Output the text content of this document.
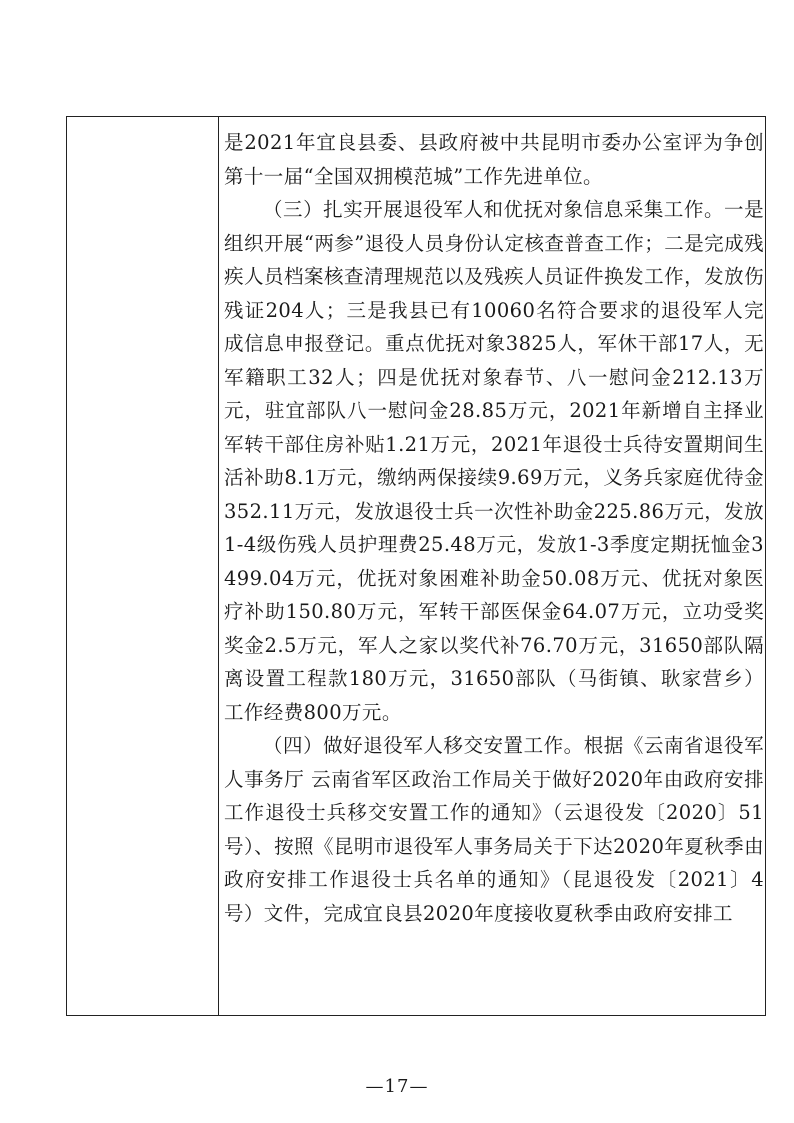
是2021年宜良县委、县政府被中共昆明市委办公室评为争创第十一届“全国双拥模范城”工作先进单位。

（三）扎实开展退役军人和优抚对象信息采集工作。一是组织开展“两参”退役人员身份认定核查普查工作；二是完成残疾人员档案核查清理规范以及残疾人员证件换发工作，发放伤残证204人；三是我县已有10060名符合要求的退役军人完成信息申报登记。重点优抚对象3825人，军休干部17人，无军籍职工32人；四是优抚对象春节、八一慰问金212.13万元，驻宜部队八一慰问金28.85万元，2021年新增自主择业军转干部住房补贴1.21万元，2021年退役士兵待安置期间生活补助8.1万元，缴纳两保接续9.69万元，义务兵家庭优待金352.11万元，发放退役士兵一次性补助金225.86万元，发放1-4级伤残人员护理费25.48万元，发放1-3季度定期抚恤金3499.04万元，优抚对象困难补助金50.08万元、优抚对象医疗补助150.80万元，军转干部医保金64.07万元，立功受奖奖金2.5万元，军人之家以奖代补76.70万元，31650部队隔离设置工程款180万元，31650部队（马街镇、耿家营乡）工作经费800万元。

（四）做好退役军人移交安置工作。根据《云南省退役军人事务厅 云南省军区政治工作局关于做好2020年由政府安排工作退役士兵移交安置工作的通知》（云退役发〔2020〕51号）、按照《昆明市退役军人事务局关于下达2020年夏秋季由政府安排工作退役士兵名单的通知》（昆退役发〔2021〕4号）文件，完成宜良县2020年度接收夏秋季由政府安排工

—17—
